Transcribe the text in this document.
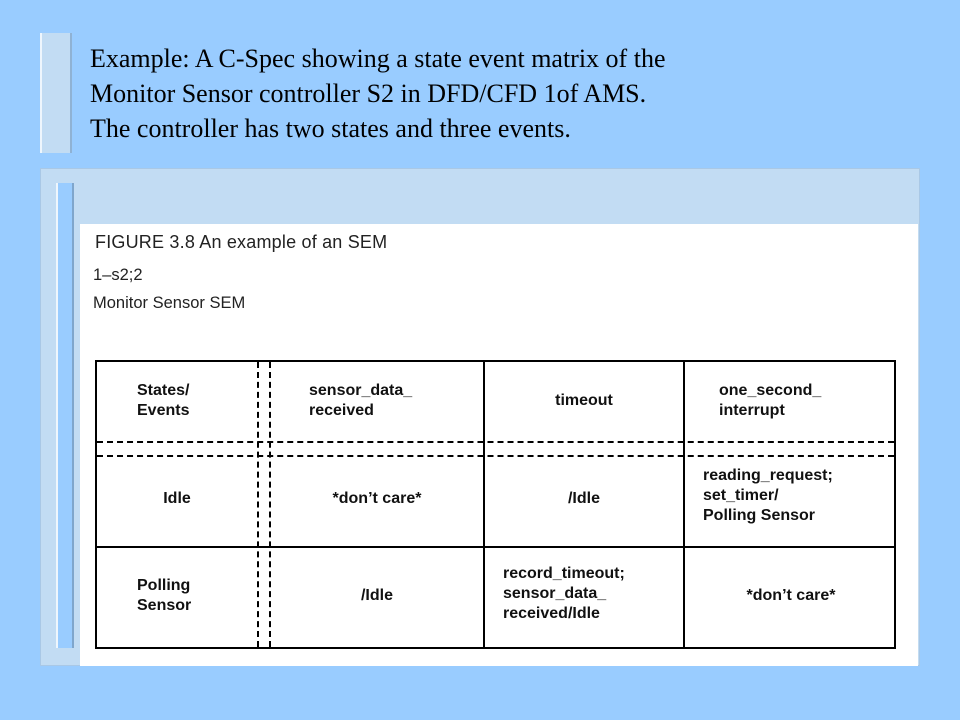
Example: A C-Spec showing a state event matrix of the
Monitor Sensor controller S2 in DFD/CFD 1of AMS.
The controller has two states and three events.
FIGURE 3.8 An example of an SEM
1–s2;2
Monitor Sensor SEM
States/
Events
sensor_data_
received
timeout
one_second_
interrupt
Idle	*don’t care*	/Idle
reading_request;
set_timer/
Polling Sensor
Polling
Sensor
/Idle
record_timeout;
sensor_data_
received/Idle
*don’t care*
